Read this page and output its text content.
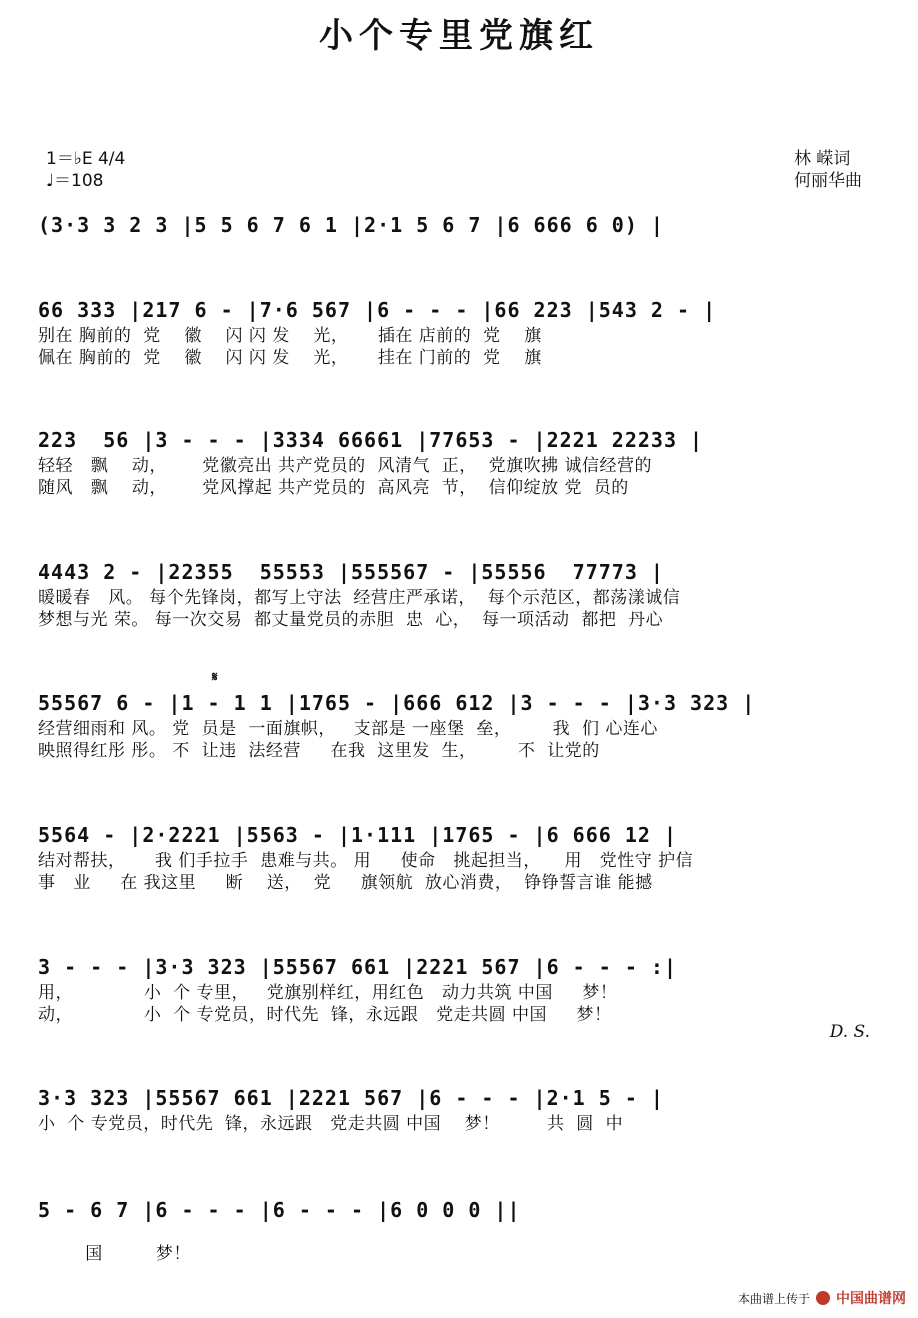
小个专里党旗红
1＝♭E 4/4
♩＝108
林 嵘词
何丽华曲
𝄋
(3·3 3 2 3 |5 5 6 7 6 1 |2·1 5 6 7 |6 666 6 0) |
66 333 |217 6 - |7·6 567 |6 - - - |66 223 |543 2 - |
别在 胸前的  党    徽    闪 闪 发    光，     插在 店前的  党    旗
佩在 胸前的  党    徽    闪 闪 发    光，     挂在 门前的  党    旗
223  56 |3 - - - |3334 66661 |77653 - |2221 22233 |
轻轻   飘    动，      党徽亮出 共产党员的  风清气  正，  党旗吹拂 诚信经营的
随风   飘    动，      党风撑起 共产党员的  高风亮  节，  信仰绽放 党  员的
4443 2 - |22355  55553 |555567 - |55556  77773 |
暖暖春   风。 每个先锋岗，都写上守法  经营庄严承诺，  每个示范区，都荡漾诚信
梦想与光 荣。 每一次交易  都丈量党员的赤胆  忠  心，  每一项活动  都把  丹心
55567 6 - |1 - 1 1 |1765 - |666 612 |3 - - - |3·3 323 |
经营细雨和 风。 党  员是  一面旗帜，   支部是 一座堡  垒，       我  们 心连心
映照得红彤 彤。 不  让违  法经营     在我  这里发  生，       不  让党的
5564 - |2·2221 |5563 - |1·111 |1765 - |6 666 12 |
结对帮扶，     我 们手拉手  患难与共。 用     使命   挑起担当，    用   党性守 护信
事   业     在 我这里     断    送，  党     旗领航  放心消费，  铮铮誓言谁 能撼
3 - - - |3·3 323 |55567 661 |2221 567 |6 - - - :|
用，            小  个 专里，   党旗别样红，用红色   动力共筑 中国     梦！
动，            小  个 专党员，时代先  锋，永远跟   党走共圆 中国     梦！
D. S.
3·3 323 |55567 661 |2221 567 |6 - - - |2·1 5 - |
小  个 专党员，时代先  锋，永远跟   党走共圆 中国    梦！        共  圆  中
5 - 6 7 |6 - - - |6 - - - |6 0 0 0 ||
国         梦！
本曲谱上传于 中国曲谱网
